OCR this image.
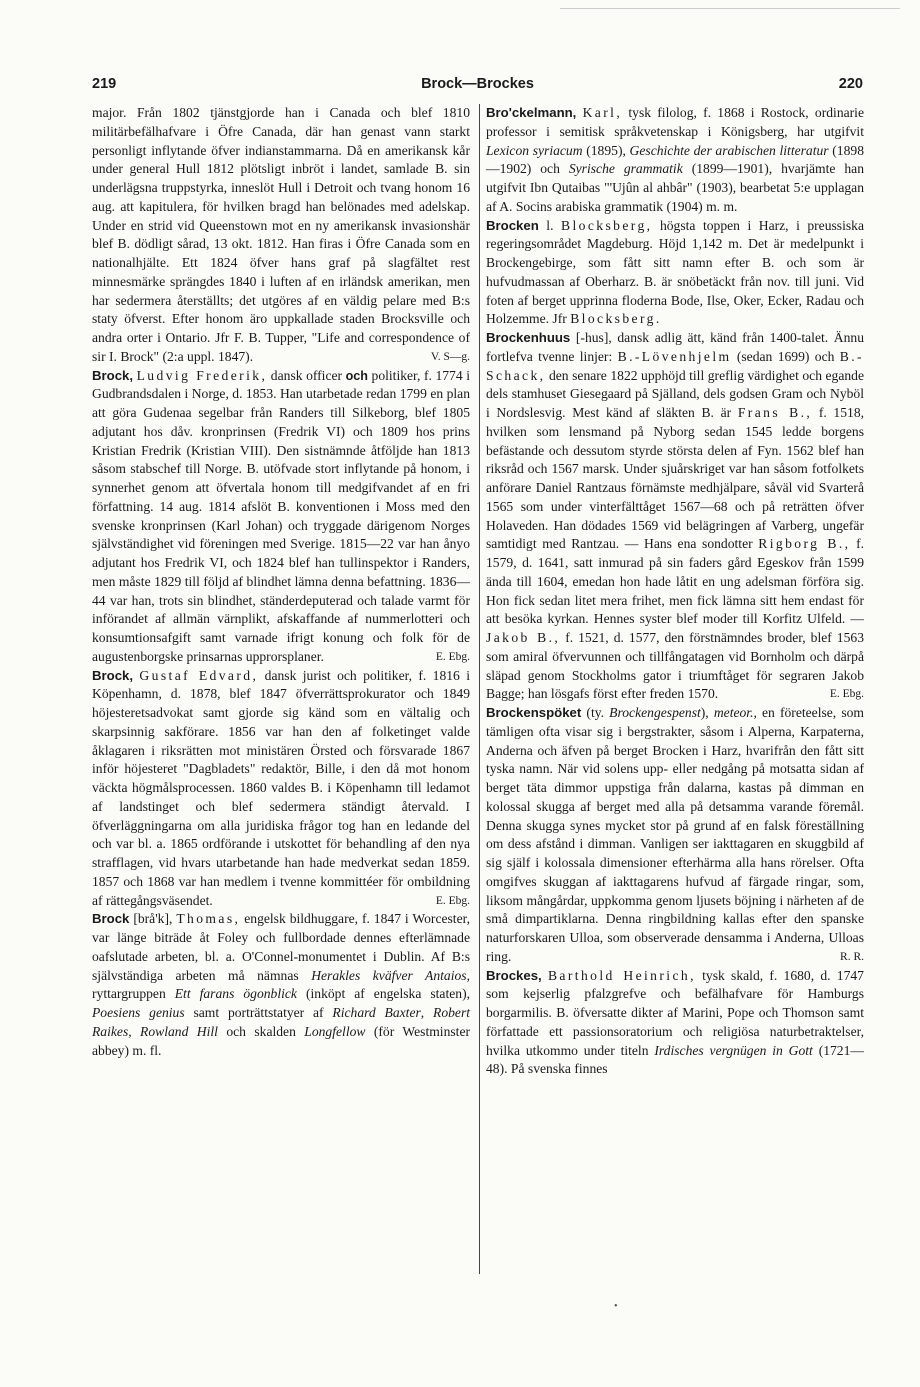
219	Brock—Brockes	220

major. Från 1802 tjänstgjorde han i Canada och blef 1810 militärbefälhafvare i Öfre Canada, där han genast vann starkt personligt inflytande öfver indianstammarna. Då en amerikansk kår under general Hull 1812 plötsligt inbröt i landet, samlade B. sin underlägsna truppstyrka, inneslöt Hull i Detroit och tvang honom 16 aug. att kapitulera, för hvilken bragd han belönades med adelskap. Under en strid vid Queenstown mot en ny amerikansk invasionshär blef B. dödligt sårad, 13 okt. 1812. Han firas i Öfre Canada som en nationalhjälte. Ett 1824 öfver hans graf på slagfältet rest minnesmärke sprängdes 1840 i luften af en irländsk amerikan, men har sedermera återställts; det utgöres af en väldig pelare med B:s staty öfverst. Efter honom äro uppkallade staden Brocksville och andra orter i Ontario. Jfr F. B. Tupper, "Life and correspondence of sir I. Brock" (2:a uppl. 1847).	V. S—g.

Brock, Ludvig Frederik, dansk officer och politiker, f. 1774 i Gudbrandsdalen i Norge, d. 1853. Han utarbetade redan 1799 en plan att göra Gudenaa segelbar från Randers till Silkeborg, blef 1805 adjutant hos dåv. kronprinsen (Fredrik VI) och 1809 hos prins Kristian Fredrik (Kristian VIII). Den sistnämnde åtföljde han 1813 såsom stabschef till Norge. B. utöfvade stort inflytande på honom, i synnerhet genom att öfvertala honom till medgifvandet af en fri författning. 14 aug. 1814 afslöt B. konventionen i Moss med den svenske kronprinsen (Karl Johan) och tryggade därigenom Norges självständighet vid föreningen med Sverige. 1815—22 var han ånyo adjutant hos Fredrik VI, och 1824 blef han tullinspektor i Randers, men måste 1829 till följd af blindhet lämna denna befattning. 1836—44 var han, trots sin blindhet, ständerdeputerad och talade varmt för införandet af allmän värnplikt, afskaffande af nummerlotteri och konsumtionsafgift samt varnade ifrigt konung och folk för de augustenborgske prinsarnas upprorsplaner.	E. Ebg.

Brock, Gustaf Edvard, dansk jurist och politiker, f. 1816 i Köpenhamn, d. 1878, blef 1847 öfverrättsprokurator och 1849 höjesteretsadvokat samt gjorde sig känd som en vältalig och skarpsinnig sakförare. 1856 var han den af folketinget valde åklagaren i riksrätten mot ministären Örsted och försvarade 1867 inför höjesteret "Dagbladets" redaktör, Bille, i den då mot honom väckta högmålsprocessen. 1860 valdes B. i Köpenhamn till ledamot af landstinget och blef sedermera ständigt återvald. I öfverläggningarna om alla juridiska frågor tog han en ledande del och var bl. a. 1865 ordförande i utskottet för behandling af den nya strafflagen, vid hvars utarbetande han hade medverkat sedan 1859. 1857 och 1868 var han medlem i tvenne kommittéer för ombildning af rättegångsväsendet.	E. Ebg.

Brock [brå'k], Thomas, engelsk bildhuggare, f. 1847 i Worcester, var länge biträde åt Foley och fullbordade dennes efterlämnade oafslutade arbeten, bl. a. O'Connel-monumentet i Dublin. Af B:s självständiga arbeten må nämnas Herakles kväfver Antaios, ryttargruppen Ett farans ögonblick (inköpt af engelska staten), Poesiens genius samt porträttstatyer af Richard Baxter, Robert Raikes, Rowland Hill och skalden Longfellow (för Westminster abbey) m. fl.

Bro'ckelmann, Karl, tysk filolog, f. 1868 i Rostock, ordinarie professor i semitisk språkvetenskap i Königsberg, har utgifvit Lexicon syriacum (1895), Geschichte der arabischen litteratur (1898—1902) och Syrische grammatik (1899—1901), hvarjämte han utgifvit Ibn Qutaibas "'Ujûn al ahbâr" (1903), bearbetat 5:e upplagan af A. Socins arabiska grammatik (1904) m. m.

Brocken l. Blocksberg, högsta toppen i Harz, i preussiska regeringsområdet Magdeburg. Höjd 1,142 m. Det är medelpunkt i Brockengebirge, som fått sitt namn efter B. och som är hufvudmassan af Oberharz. B. är snöbetäckt från nov. till juni. Vid foten af berget upprinna floderna Bode, Ilse, Oker, Ecker, Radau och Holzemme. Jfr Blocksberg.

Brockenhuus [-hus], dansk adlig ätt, känd från 1400-talet. Ännu fortlefva tvenne linjer: B.-Lövenhjelm (sedan 1699) och B.-Schack, den senare 1822 upphöjd till greflig värdighet och egande dels stamhuset Giesegaard på Själland, dels godsen Gram och Nyböl i Nordslesvig. Mest känd af släkten B. är Frans B., f. 1518, hvilken som lensmand på Nyborg sedan 1545 ledde borgens befästande och dessutom styrde största delen af Fyn. 1562 blef han riksråd och 1567 marsk. Under sjuårskriget var han såsom fotfolkets anförare Daniel Rantzaus förnämste medhjälpare, såväl vid Svarterå 1565 som under vinterfälttåget 1567—68 och på reträtten öfver Holaveden. Han dödades 1569 vid belägringen af Varberg, ungefär samtidigt med Rantzau. — Hans ena sondotter Rigborg B., f. 1579, d. 1641, satt inmurad på sin faders gård Egeskov från 1599 ända till 1604, emedan hon hade låtit en ung adelsman förföra sig. Hon fick sedan litet mera frihet, men fick lämna sitt hem endast för att besöka kyrkan. Hennes syster blef moder till Korfitz Ulfeld. — Jakob B., f. 1521, d. 1577, den förstnämndes broder, blef 1563 som amiral öfvervunnen och tillfångatagen vid Bornholm och därpå släpad genom Stockholms gator i triumftåget för segraren Jakob Bagge; han lösgafs först efter freden 1570.	E. Ebg.

Brockenspöket (ty. Brockengespenst), meteor., en företeelse, som tämligen ofta visar sig i bergstrakter, såsom i Alperna, Karpaterna, Anderna och äfven på berget Brocken i Harz, hvarifrån den fått sitt tyska namn. När vid solens upp- eller nedgång på motsatta sidan af berget täta dimmor uppstiga från dalarna, kastas på dimman en kolossal skugga af berget med alla på detsamma varande föremål. Denna skugga synes mycket stor på grund af en falsk föreställning om dess afstånd i dimman. Vanligen ser iakttagaren en skuggbild af sig själf i kolossala dimensioner efterhärma alla hans rörelser. Ofta omgifves skuggan af iakttagarens hufvud af färgade ringar, som, liksom mångårdar, uppkomma genom ljusets böjning i närheten af de små dimpartiklarna. Denna ringbildning kallas efter den spanske naturforskaren Ulloa, som observerade densamma i Anderna, Ulloas ring.	R. R.

Brockes, Barthold Heinrich, tysk skald, f. 1680, d. 1747 som kejserlig pfalzgrefve och befälhafvare för Hamburgs borgarmilis. B. öfversatte dikter af Marini, Pope och Thomson samt författade ett passionsoratorium och religiösa naturbetraktelser, hvilka utkommo under titeln Irdisches vergnügen in Gott (1721—48). På svenska finnes

•
